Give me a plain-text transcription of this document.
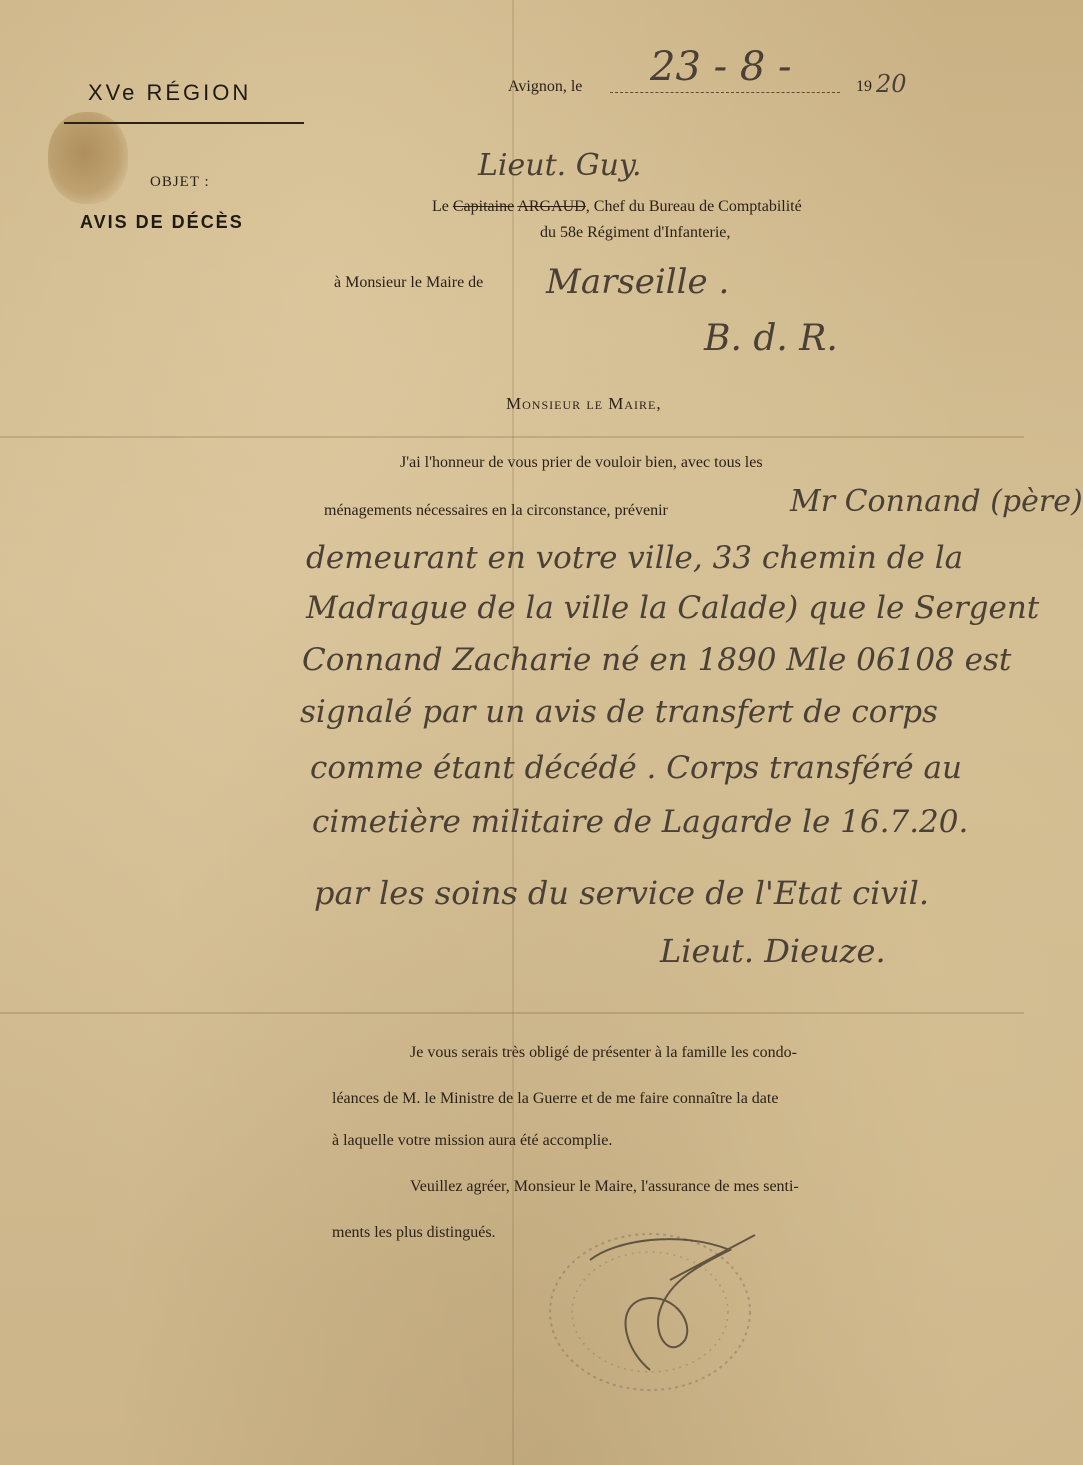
XVe RÉGION
OBJET :
AVIS DE DÉCÈS
Avignon, le 23 - 8 -	19 20
Lieut. Guy.
Le Capitaine ARGAUD, Chef du Bureau de Comptabilité
du 58e Régiment d'Infanterie,
à Monsieur le Maire de Marseille .
B. d. R.
Monsieur le Maire,
J'ai l'honneur de vous prier de vouloir bien, avec tous les
ménagements nécessaires en la circonstance, prévenir	Mr Connand (père)
demeurant en votre ville, 33 chemin de la
Madrague de la ville la Calade) que le Sergent
Connand Zacharie né en 1890 Mle 06108 est
signalé par un avis de transfert de corps
comme étant décédé . Corps transféré au
cimetière militaire de Lagarde le 16.7.20.
par les soins du service de l'Etat civil.
Lieut. Dieuze.
Je vous serais très obligé de présenter à la famille les condo-
léances de M. le Ministre de la Guerre et de me faire connaître la date
à laquelle votre mission aura été accomplie.
Veuillez agréer, Monsieur le Maire, l'assurance de mes senti-
ments les plus distingués.
